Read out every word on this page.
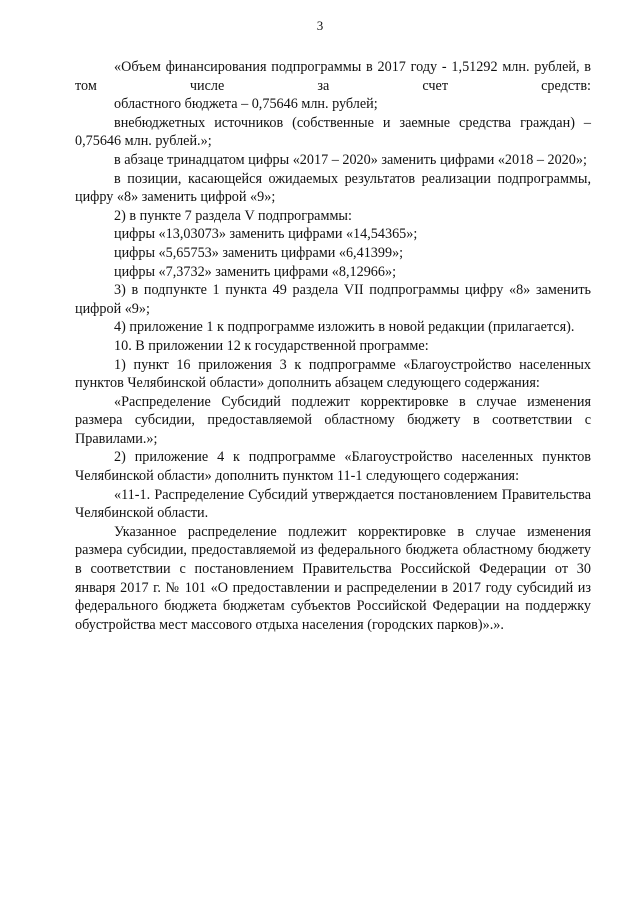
3

«Объем финансирования подпрограммы в 2017 году - 1,51292 млн. рублей, в том числе за счет средств:

областного бюджета – 0,75646 млн. рублей;

внебюджетных источников (собственные и заемные средства граждан) – 0,75646 млн. рублей.»;

в абзаце тринадцатом цифры «2017 – 2020» заменить цифрами «2018 – 2020»;

в позиции, касающейся ожидаемых результатов реализации подпрограммы, цифру «8» заменить цифрой «9»;

2) в пункте 7 раздела V подпрограммы:

цифры «13,03073» заменить цифрами «14,54365»;

цифры «5,65753» заменить цифрами «6,41399»;

цифры «7,3732» заменить цифрами «8,12966»;

3) в подпункте 1 пункта 49 раздела VII подпрограммы цифру «8» заменить цифрой «9»;

4) приложение 1 к подпрограмме изложить в новой редакции (прилагается).

10. В приложении 12 к государственной программе:

1) пункт 16 приложения 3 к подпрограмме «Благоустройство населенных пунктов Челябинской области» дополнить абзацем следующего содержания:

«Распределение Субсидий подлежит корректировке в случае изменения размера субсидии, предоставляемой областному бюджету в соответствии с Правилами.»;

2) приложение 4 к подпрограмме «Благоустройство населенных пунктов Челябинской области» дополнить пунктом 11-1 следующего содержания:

«11-1. Распределение Субсидий утверждается постановлением Правительства Челябинской области.

Указанное распределение подлежит корректировке в случае изменения размера субсидии, предоставляемой из федерального бюджета областному бюджету в соответствии с постановлением Правительства Российской Федерации от 30 января 2017 г. № 101 «О предоставлении и распределении в 2017 году субсидий из федерального бюджета бюджетам субъектов Российской Федерации на поддержку обустройства мест массового отдыха населения (городских парков)».».
